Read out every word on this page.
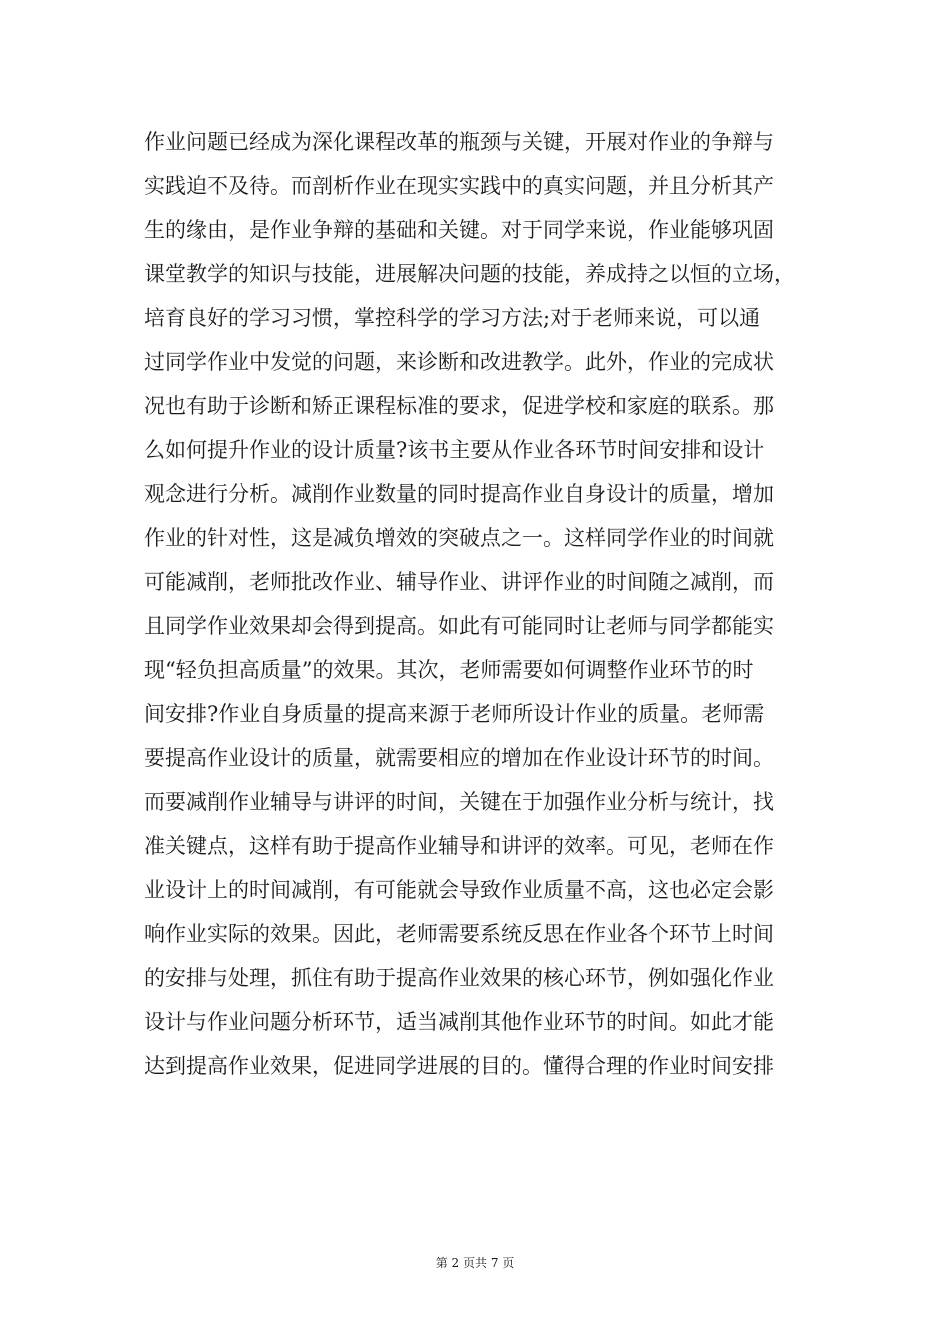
作业问题已经成为深化课程改革的瓶颈与关键，开展对作业的争辩与
实践迫不及待。而剖析作业在现实实践中的真实问题，并且分析其产
生的缘由，是作业争辩的基础和关键。对于同学来说，作业能够巩固
课堂教学的知识与技能，进展解决问题的技能，养成持之以恒的立场，
培育良好的学习习惯，掌控科学的学习方法;对于老师来说，可以通
过同学作业中发觉的问题，来诊断和改进教学。此外，作业的完成状
况也有助于诊断和矫正课程标准的要求，促进学校和家庭的联系。那
么如何提升作业的设计质量?该书主要从作业各环节时间安排和设计
观念进行分析。减削作业数量的同时提高作业自身设计的质量，增加
作业的针对性，这是减负增效的突破点之一。这样同学作业的时间就
可能减削，老师批改作业、辅导作业、讲评作业的时间随之减削，而
且同学作业效果却会得到提高。如此有可能同时让老师与同学都能实
现“轻负担高质量”的效果。其次，老师需要如何调整作业环节的时
间安排?作业自身质量的提高来源于老师所设计作业的质量。老师需
要提高作业设计的质量，就需要相应的增加在作业设计环节的时间。
而要减削作业辅导与讲评的时间，关键在于加强作业分析与统计，找
准关键点，这样有助于提高作业辅导和讲评的效率。可见，老师在作
业设计上的时间减削，有可能就会导致作业质量不高，这也必定会影
响作业实际的效果。因此，老师需要系统反思在作业各个环节上时间
的安排与处理，抓住有助于提高作业效果的核心环节，例如强化作业
设计与作业问题分析环节，适当减削其他作业环节的时间。如此才能
达到提高作业效果，促进同学进展的目的。懂得合理的作业时间安排
第 2 页共 7 页
